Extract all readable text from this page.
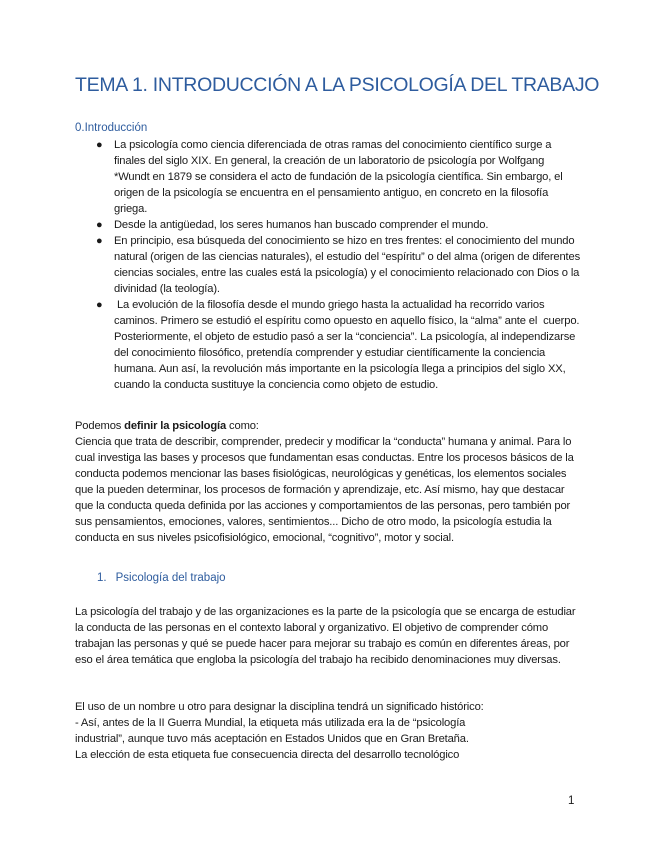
TEMA 1. INTRODUCCIÓN A LA PSICOLOGÍA DEL TRABAJO
0.Introducción
● La psicología como ciencia diferenciada de otras ramas del conocimiento científico surge a finales del siglo XIX. En general, la creación de un laboratorio de psicología por Wolfgang *Wundt en 1879 se considera el acto de fundación de la psicología científica. Sin embargo, el origen de la psicología se encuentra en el pensamiento antiguo, en concreto en la filosofía griega.
● Desde la antigüedad, los seres humanos han buscado comprender el mundo.
● En principio, esa búsqueda del conocimiento se hizo en tres frentes: el conocimiento del mundo natural (origen de las ciencias naturales), el estudio del “espíritu” o del alma (origen de diferentes ciencias sociales, entre las cuales está la psicología) y el conocimiento relacionado con Dios o la divinidad (la teología).
● La evolución de la filosofía desde el mundo griego hasta la actualidad ha recorrido varios caminos. Primero se estudió el espíritu como opuesto en aquello físico, la “alma” ante el  cuerpo. Posteriormente, el objeto de estudio pasó a ser la “conciencia”. La psicología, al independizarse del conocimiento filosófico, pretendía comprender y estudiar científicamente la conciencia humana. Aun así, la revolución más importante en la psicología llega a principios del siglo XX, cuando la conducta sustituye la conciencia como objeto de estudio.
Podemos definir la psicología como:
Ciencia que trata de describir, comprender, predecir y modificar la “conducta” humana y animal. Para lo cual investiga las bases y procesos que fundamentan esas conductas. Entre los procesos básicos de la conducta podemos mencionar las bases fisiológicas, neurológicas y genéticas, los elementos sociales que la pueden determinar, los procesos de formación y aprendizaje, etc. Así mismo, hay que destacar que la conducta queda definida por las acciones y comportamientos de las personas, pero también por sus pensamientos, emociones, valores, sentimientos... Dicho de otro modo, la psicología estudia la conducta en sus niveles psicofisiológico, emocional, “cognitivo”, motor y social.
1. Psicología del trabajo
La psicología del trabajo y de las organizaciones es la parte de la psicología que se encarga de estudiar la conducta de las personas en el contexto laboral y organizativo. El objetivo de comprender cómo trabajan las personas y qué se puede hacer para mejorar su trabajo es común en diferentes áreas, por eso el área temática que engloba la psicología del trabajo ha recibido denominaciones muy diversas.
El uso de un nombre u otro para designar la disciplina tendrá un significado histórico:
- Así, antes de la II Guerra Mundial, la etiqueta más utilizada era la de “psicología industrial”, aunque tuvo más aceptación en Estados Unidos que en Gran Bretaña.
La elección de esta etiqueta fue consecuencia directa del desarrollo tecnológico
1
